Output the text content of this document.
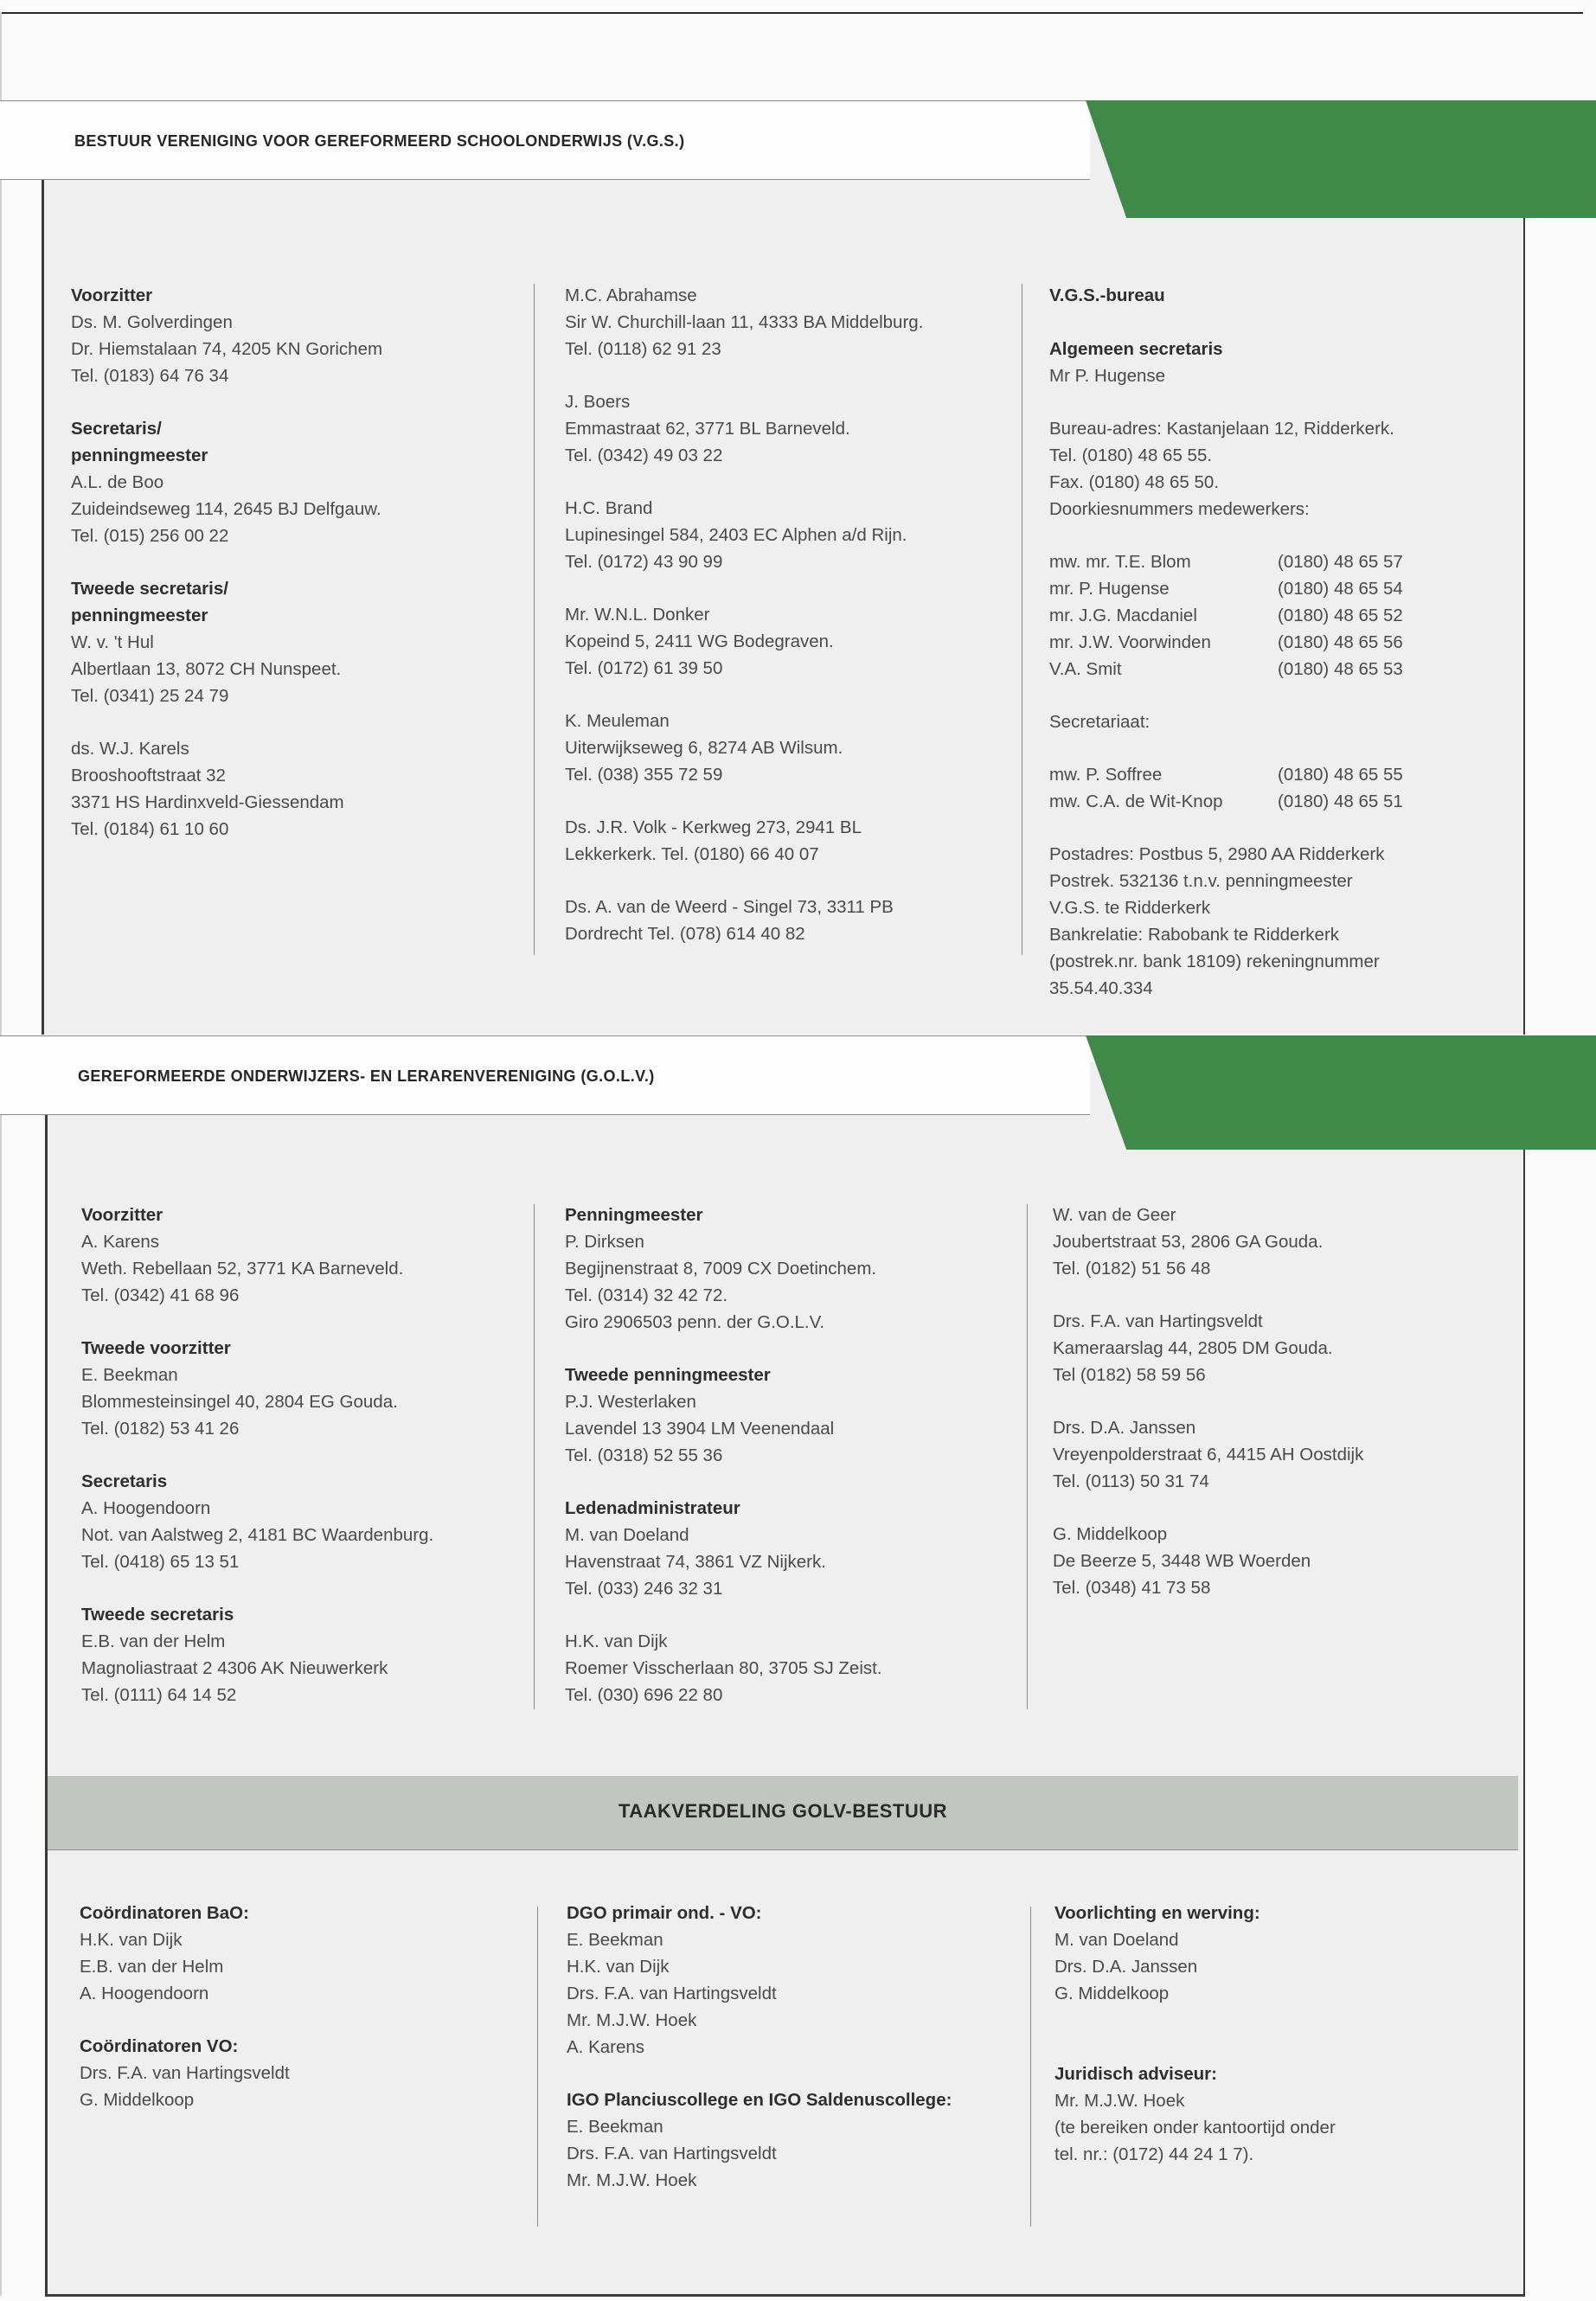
BESTUUR VERENIGING VOOR GEREFORMEERD SCHOOLONDERWIJS (V.G.S.)

Voorzitter
Ds. M. Golverdingen
Dr. Hiemstalaan 74, 4205 KN Gorichem
Tel. (0183) 64 76 34

Secretaris/ penningmeester
A.L. de Boo
Zuideindseweg 114, 2645 BJ Delfgauw.
Tel. (015) 256 00 22

Tweede secretaris/ penningmeester
W. v. 't Hul
Albertlaan 13, 8072 CH Nunspeet.
Tel. (0341) 25 24 79

ds. W.J. Karels
Brooshooftstraat 32
3371 HS Hardinxveld-Giessendam
Tel. (0184) 61 10 60

M.C. Abrahamse
Sir W. Churchill-laan 11, 4333 BA Middelburg.
Tel. (0118) 62 91 23

J. Boers
Emmastraat 62, 3771 BL Barneveld.
Tel. (0342) 49 03 22

H.C. Brand
Lupinesingel 584, 2403 EC Alphen a/d Rijn.
Tel. (0172) 43 90 99

Mr. W.N.L. Donker
Kopeind 5, 2411 WG Bodegraven.
Tel. (0172) 61 39 50

K. Meuleman
Uiterwijkseweg 6, 8274 AB Wilsum.
Tel. (038) 355 72 59

Ds. J.R. Volk - Kerkweg 273, 2941 BL
Lekkerkerk. Tel. (0180) 66 40 07

Ds. A. van de Weerd - Singel 73, 3311 PB
Dordrecht Tel. (078) 614 40 82

V.G.S.-bureau

Algemeen secretaris
Mr P. Hugense

Bureau-adres: Kastanjelaan 12, Ridderkerk.
Tel. (0180) 48 65 55.
Fax. (0180) 48 65 50.
Doorkiesnummers medewerkers:

mw. mr. T.E. Blom	(0180) 48 65 57
mr. P. Hugense	(0180) 48 65 54
mr. J.G. Macdaniel	(0180) 48 65 52
mr. J.W. Voorwinden	(0180) 48 65 56
V.A. Smit	(0180) 48 65 53

Secretariaat:

mw. P. Soffree	(0180) 48 65 55
mw. C.A. de Wit-Knop	(0180) 48 65 51

Postadres: Postbus 5, 2980 AA Ridderkerk
Postrek. 532136 t.n.v. penningmeester
V.G.S. te Ridderkerk
Bankrelatie: Rabobank te Ridderkerk
(postrek.nr. bank 18109) rekeningnummer
35.54.40.334

GEREFORMEERDE ONDERWIJZERS- EN LERARENVERENIGING (G.O.L.V.)

Voorzitter
A. Karens
Weth. Rebellaan 52, 3771 KA Barneveld.
Tel. (0342) 41 68 96

Tweede voorzitter
E. Beekman
Blommesteinsingel 40, 2804 EG Gouda.
Tel. (0182) 53 41 26

Secretaris
A. Hoogendoorn
Not. van Aalstweg 2, 4181 BC Waardenburg.
Tel. (0418) 65 13 51

Tweede secretaris
E.B. van der Helm
Magnoliastraat 2 4306 AK Nieuwerkerk
Tel. (0111) 64 14 52

Penningmeester
P. Dirksen
Begijnenstraat 8, 7009 CX Doetinchem.
Tel. (0314) 32 42 72.
Giro 2906503 penn. der G.O.L.V.

Tweede penningmeester
P.J. Westerlaken
Lavendel 13 3904 LM Veenendaal
Tel. (0318) 52 55 36

Ledenadministrateur
M. van Doeland
Havenstraat 74, 3861 VZ Nijkerk.
Tel. (033) 246 32 31

H.K. van Dijk
Roemer Visscherlaan 80, 3705 SJ Zeist.
Tel. (030) 696 22 80

W. van de Geer
Joubertstraat 53, 2806 GA Gouda.
Tel. (0182) 51 56 48

Drs. F.A. van Hartingsveldt
Kameraarslag 44, 2805 DM Gouda.
Tel (0182) 58 59 56

Drs. D.A. Janssen
Vreyenpolderstraat 6, 4415 AH Oostdijk
Tel. (0113) 50 31 74

G. Middelkoop
De Beerze 5, 3448 WB Woerden
Tel. (0348) 41 73 58

TAAKVERDELING GOLV-BESTUUR

Coördinatoren BaO:
H.K. van Dijk
E.B. van der Helm
A. Hoogendoorn

Coördinatoren VO:
Drs. F.A. van Hartingsveldt
G. Middelkoop

DGO primair ond. - VO:
E. Beekman
H.K. van Dijk
Drs. F.A. van Hartingsveldt
Mr. M.J.W. Hoek
A. Karens

IGO Planciuscollege en IGO Saldenuscollege:
E. Beekman
Drs. F.A. van Hartingsveldt
Mr. M.J.W. Hoek

Voorlichting en werving:
M. van Doeland
Drs. D.A. Janssen
G. Middelkoop

Juridisch adviseur:
Mr. M.J.W. Hoek
(te bereiken onder kantoortijd onder
tel. nr.: (0172) 44 24 1 7).
